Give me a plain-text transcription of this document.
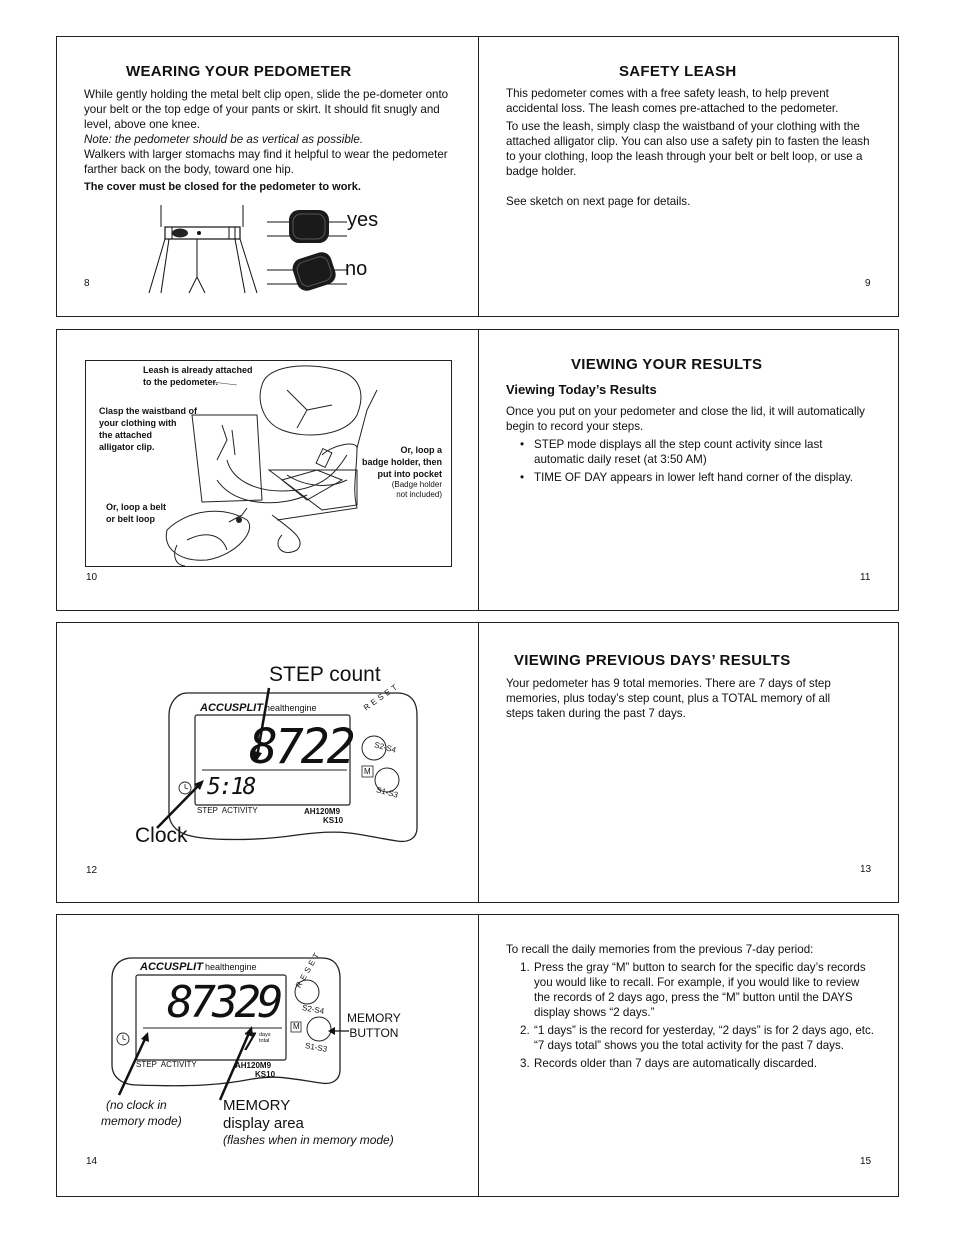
WEARING YOUR PEDOMETER

While gently holding the metal belt clip open, slide the pe-dometer onto your belt or the top edge of your pants or skirt. It should fit snugly and level, above one knee.

Note: the pedometer should be as vertical as possible.

Walkers with larger stomachs may find it helpful to wear the pedometer farther back on the body, toward one hip.

The cover must be closed for the pedometer to work.

yes
no
8
SAFETY LEASH

This pedometer comes with a free safety leash, to help prevent accidental loss. The leash comes pre-attached to the pedometer.

To use the leash, simply clasp the waistband of your clothing with the attached alligator clip. You can also use a safety pin to fasten the leash to your clothing, loop the leash through your belt or belt loop, or use a badge holder.

See sketch on next page for details.

9
Leash is already attached
to the pedometer.
Clasp the waistband of
your clothing with
the attached
alligator clip.	Or, loop a
badge holder, then
put into pocket
(Badge holder
not included)
Or, loop a belt
or belt loop
10
VIEWING YOUR RESULTS
Viewing Today’s Results

Once you put on your pedometer and close the lid, it will automatically begin to record your steps.

• STEP mode displays all the step count activity since last automatic daily reset (at 3:50 AM)
• TIME OF DAY appears in lower left hand corner of the display.
11
STEP count
Clock
ACCUSPLIT healthengine
8722
5:18
STEP  ACTIVITY	AH120M9
KS10
RESET
S2-S4
M
S1-S3
12
VIEWING PREVIOUS DAYS’ RESULTS
Your pedometer has 9 total memories. There are 7 days of step memories, plus today’s step count, plus a TOTAL memory of all steps taken during the past 7 days.
13
ACCUSPLIT healthengine
87329
7 days
total
STEP  ACTIVITY	AH120M9
KS10
RESET
S2-S4
M
S1-S3
MEMORY
BUTTON
(no clock in
memory mode)
MEMORY
display area
(flashes when in memory mode)
14

To recall the daily memories from the previous 7-day period:

1. Press the gray “M” button to search for the specific day’s records you would like to recall. For example, if you would like to review the records of 2 days ago, press the “M” button until the DAYS display shows “2 days.”
2. “1 days” is the record for yesterday, “2 days” is for 2 days ago, etc. “7 days total” shows you the total activity for the past 7 days.
3. Records older than 7 days are automatically discarded.
15
